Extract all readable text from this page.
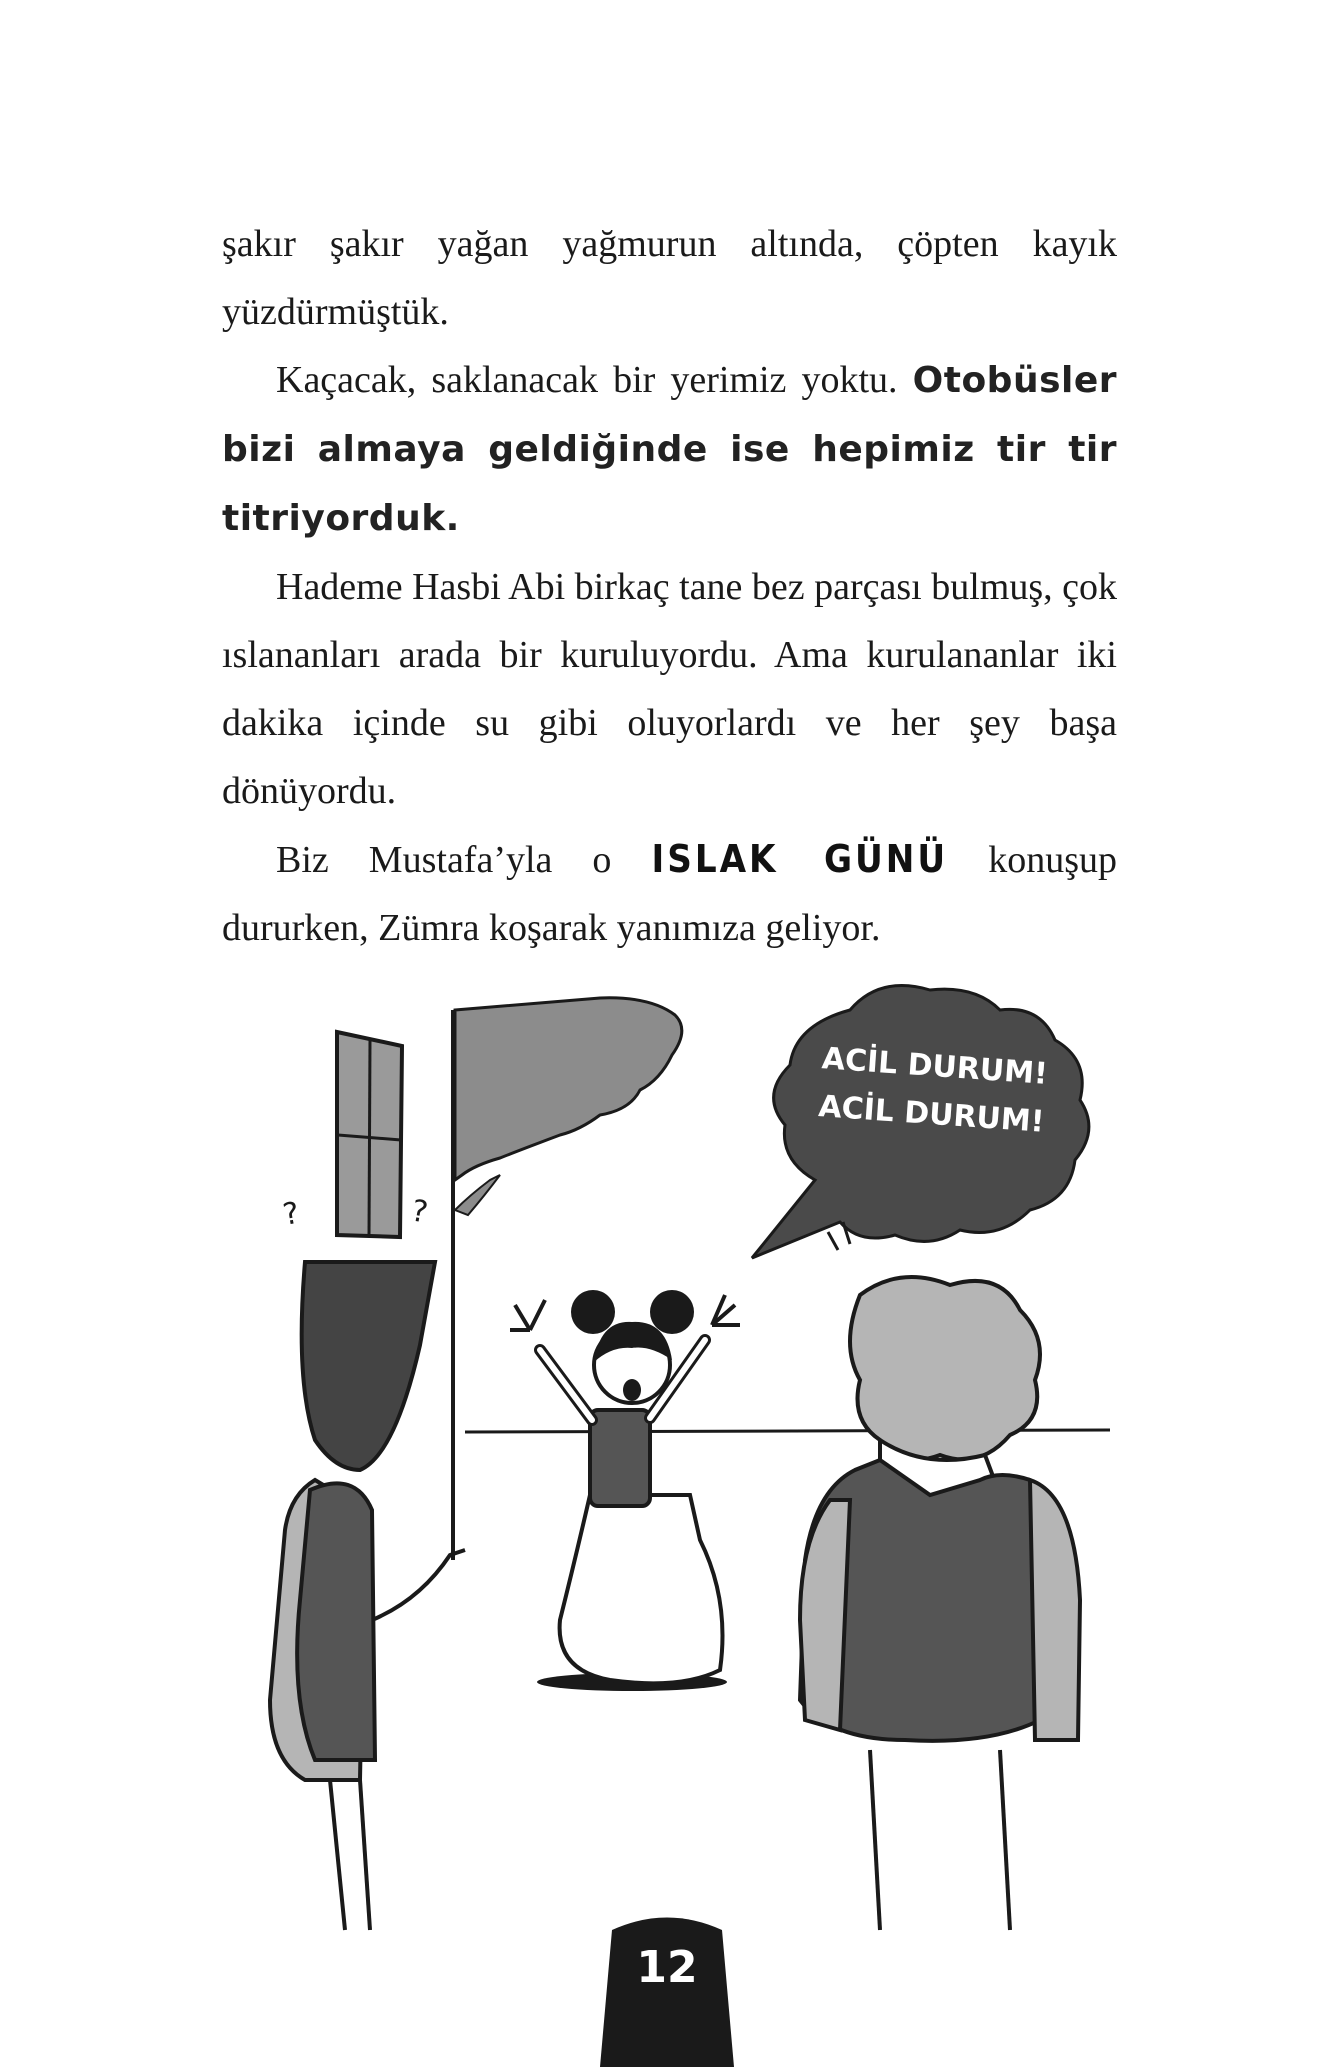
şakır şakır yağan yağmurun altında, çöpten kayık yüzdürmüştük.

Kaçacak, saklanacak bir yerimiz yoktu. Otobüsler bizi almaya geldiğinde ise hepimiz tir tir titriyorduk.

Hademe Hasbi Abi birkaç tane bez parçası bulmuş, çok ıslananları arada bir kuruluyordu. Ama kurulananlar iki dakika içinde su gibi oluyorlardı ve her şey başa dönüyordu.

Biz Mustafa’yla o ISLAK GÜNÜ konuşup dururken, Zümra koşarak yanımıza geliyor.

?	?
ACİL DURUM!
ACİL DURUM!
12
